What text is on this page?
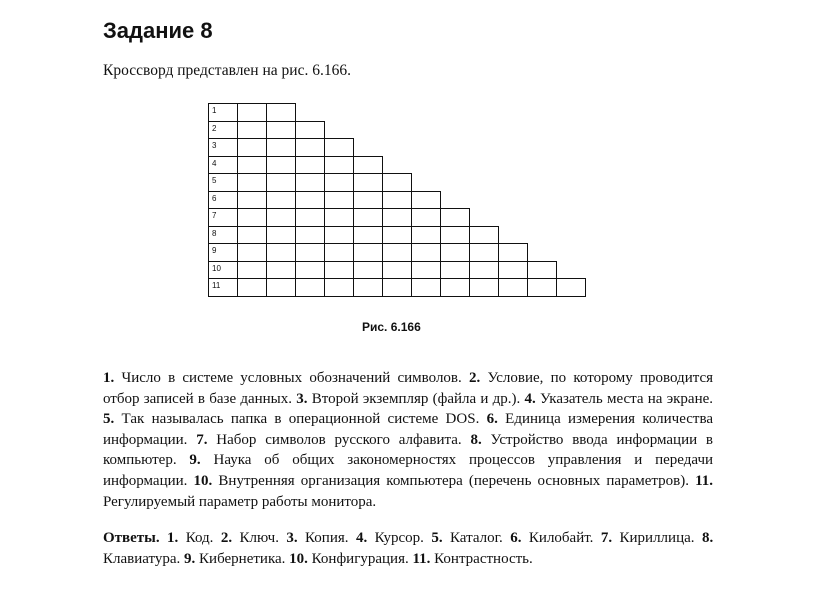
Задание 8
Кроссворд представлен на рис. 6.166.
1
2
3
4
5
6
7
8
9
10
11
Рис. 6.166
1. Число в системе условных обозначений символов. 2. Условие, по которому проводится отбор записей в базе данных. 3. Второй экземпляр (файла и др.). 4. Указатель места на экране. 5. Так называлась папка в операционной системе DOS. 6. Единица измерения количества информации. 7. Набор символов русского алфавита. 8. Устройство ввода информации в компьютер. 9. Наука об общих закономерностях процессов управления и передачи информации. 10. Внутренняя организация компьютера (перечень основных параметров). 11. Регулируемый параметр работы монитора.
Ответы. 1. Код. 2. Ключ. 3. Копия. 4. Курсор. 5. Каталог. 6. Килобайт. 7. Кириллица. 8. Клавиатура. 9. Кибернетика. 10. Конфигурация. 11. Контрастность.
